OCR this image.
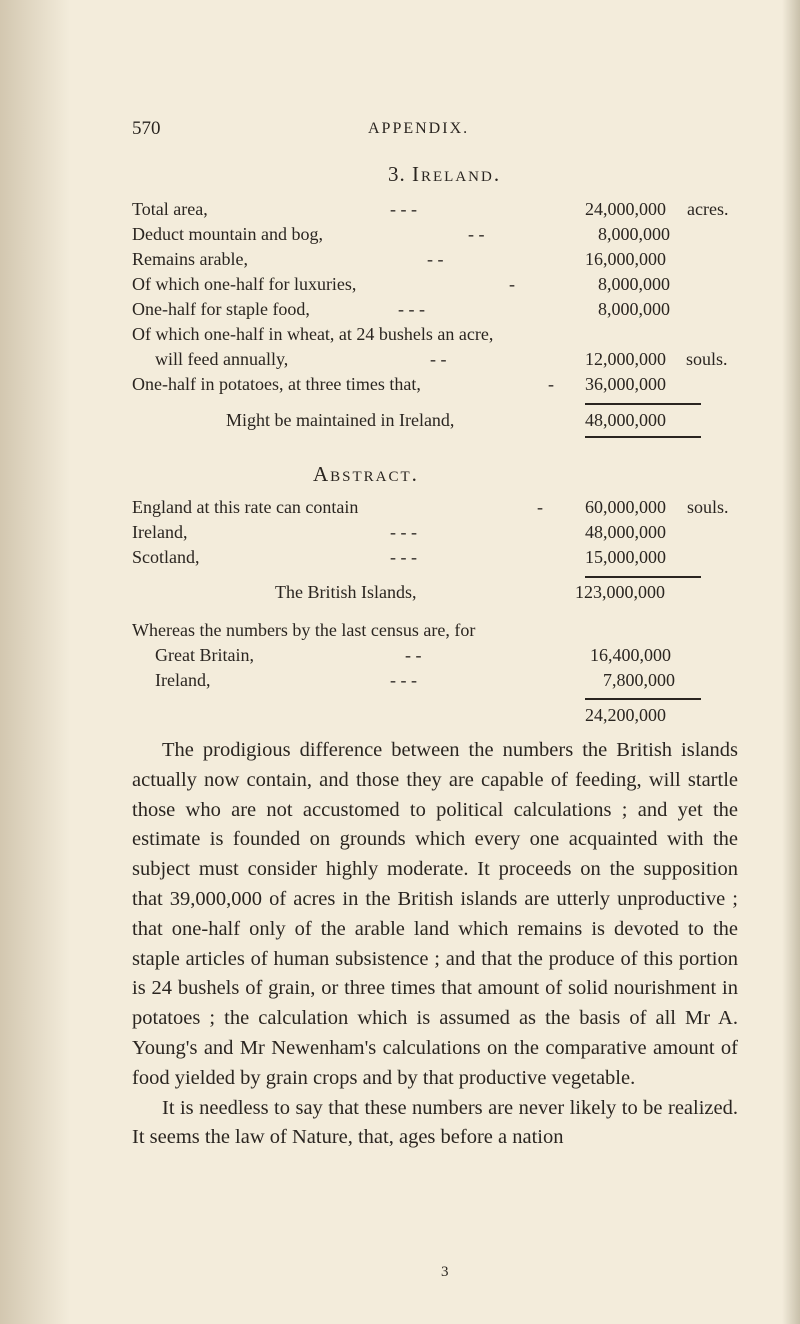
570	APPENDIX.
3. Ireland.
Total area,	- - -	24,000,000 acres.
Deduct mountain and bog,	- -	8,000,000
Remains arable,	- -	16,000,000
Of which one-half for luxuries,	-	8,000,000
One-half for staple food,	- - -	8,000,000
Of which one-half in wheat, at 24 bushels an acre,
will feed annually,	- -	12,000,000 souls.
One-half in potatoes, at three times that,	- 36,000,000
Might be maintained in Ireland,	48,000,000
Abstract.
England at this rate can contain	- 60,000,000 souls.
Ireland,	- - -	48,000,000
Scotland,	- - -	15,000,000
The British Islands,	123,000,000
Whereas the numbers by the last census are, for
Great Britain,	- -	16,400,000
Ireland,	- - -	7,800,000
24,200,000

The prodigious difference between the numbers the British islands actually now contain, and those they are capable of feeding, will startle those who are not accustomed to political calculations ; and yet the estimate is founded on grounds which every one acquainted with the subject must consider highly moderate. It proceeds on the supposition that 39,000,000 of acres in the British islands are utterly unproductive ; that one-half only of the arable land which remains is devoted to the staple articles of human subsistence ; and that the produce of this portion is 24 bushels of grain, or three times that amount of solid nourishment in potatoes ; the calculation which is assumed as the basis of all Mr A. Young's and Mr Newenham's calculations on the comparative amount of food yielded by grain crops and by that productive vegetable.

It is needless to say that these numbers are never likely to be realized. It seems the law of Nature, that, ages before a nation

3
